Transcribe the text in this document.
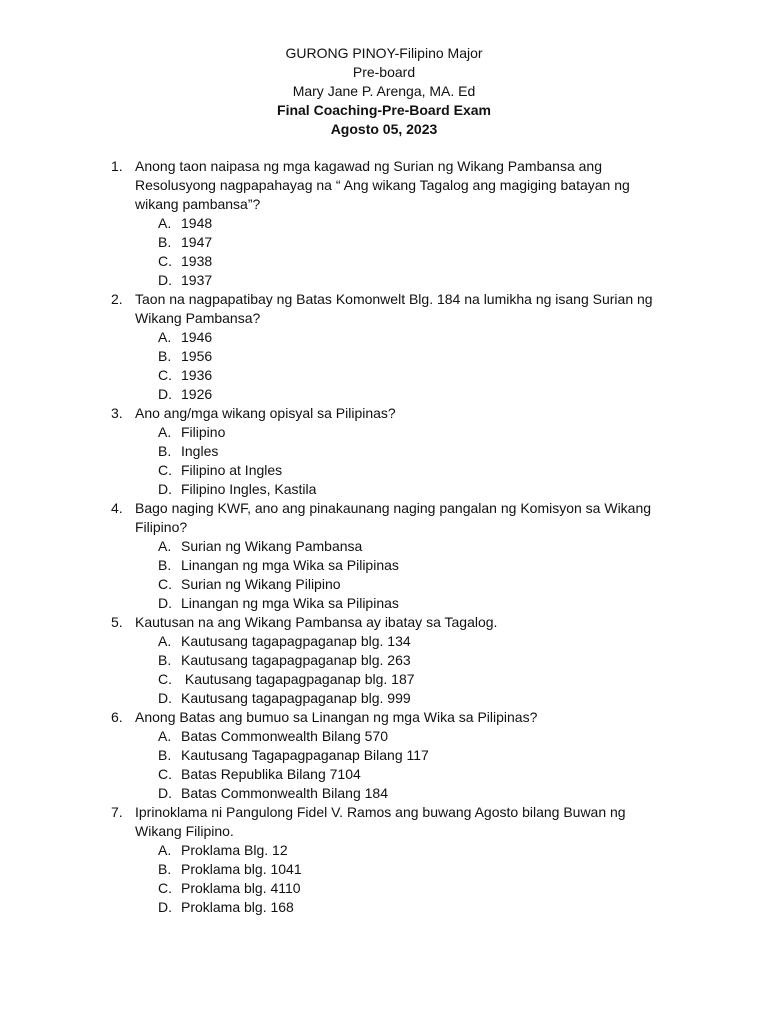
GURONG PINOY-Filipino Major
Pre-board
Mary Jane P. Arenga, MA. Ed
Final Coaching-Pre-Board Exam
Agosto 05, 2023
1. Anong taon naipasa ng mga kagawad ng Surian ng Wikang Pambansa ang Resolusyong nagpapahayag na “ Ang wikang Tagalog ang magiging batayan ng wikang pambansa”?
A. 1948
B. 1947
C. 1938
D. 1937
2. Taon na nagpapatibay ng Batas Komonwelt Blg. 184 na lumikha ng isang Surian ng Wikang Pambansa?
A. 1946
B. 1956
C. 1936
D. 1926
3. Ano ang/mga wikang opisyal sa Pilipinas?
A. Filipino
B. Ingles
C. Filipino at Ingles
D. Filipino Ingles, Kastila
4. Bago naging KWF, ano ang pinakaunang naging pangalan ng Komisyon sa Wikang Filipino?
A. Surian ng Wikang Pambansa
B. Linangan ng mga Wika sa Pilipinas
C. Surian ng Wikang Pilipino
D. Linangan ng mga Wika sa Pilipinas
5. Kautusan na ang Wikang Pambansa ay ibatay sa Tagalog.
A. Kautusang tagapagpaganap blg. 134
B. Kautusang tagapagpaganap blg. 263
C. Kautusang tagapagpaganap blg. 187
D. Kautusang tagapagpaganap blg. 999
6. Anong Batas ang bumuo sa Linangan ng mga Wika sa Pilipinas?
A. Batas Commonwealth Bilang 570
B. Kautusang Tagapagpaganap Bilang 117
C. Batas Republika Bilang 7104
D. Batas Commonwealth Bilang 184
7. Iprinoklama ni Pangulong Fidel V. Ramos ang buwang Agosto bilang Buwan ng Wikang Filipino.
A. Proklama Blg. 12
B. Proklama blg. 1041
C. Proklama blg. 4110
D. Proklama blg. 168
